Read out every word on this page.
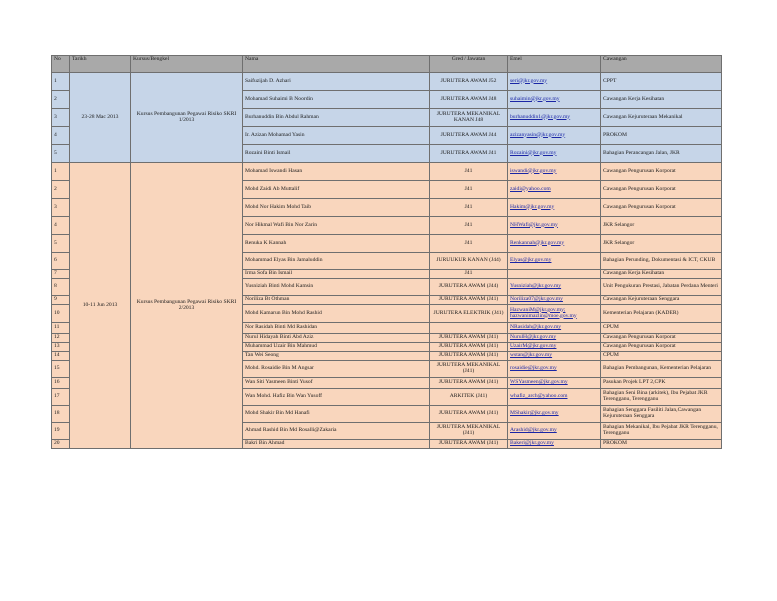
No	Tarikh	Kursus/Bengkel	Nama	Gred / Jawatan	Emel	Cawangan
1	23-28 Mac 2013	Kursus Pembangunan Pegawai Risiko SKRI 1/2013	Saifuzijah D. Azhari	JURUTERA AWAM J52	seri@jkr.gov.my	CPPT
2			Mohamad Suhaimi B Noordin	JURUTERA AWAM J48	suhaimin@jkr.gov.my	Cawangan Kerja Kesihatan
3			Burhanuddin Bin Abdul Rahman	JURUTERA MEKANIKAL KANAN J48	burhanuddin1@jkr.gov.my	Cawangan Kejuruteraan Mekanikal
4			Ir. Azizan Mohamad Yasin	JURUTERA AWAM J44	azizanyasin@jkr.gov.my	PROKOM
5			Rozaini Binti Ismail	JURUTERA AWAM J41	Rozaini@jkr.gov.my	Bahagian Perancangan Jalan, JKR
1	10-11 Jun 2013	Kursus Pembangunan Pegawai Risiko SKRI 2/2013	Mohamad Iswandi Hasan	J41	iswandi@jkr.gov.my	Cawangan Pengurusan Korporat
2			Mohd Zaidi Ab Muttalif	J41	zaidi@yahoo.com	Cawangan Pengurusan Korporat
3			Mohd Nor Hakim Mohd Taib	J41	Hakim@jkr.gov.my	Cawangan Pengurusan Korporat
4			Nor Hikmal Wafi Bin Nor Zarin	J41	NHWafi@jkr.gov.my	JKR Selangor
5			Renuka K Kannah	J41	Renkannah@jkr.gov.my	JKR Selangor
6			Mohammad Elyas Bin Jamaluddin	JURUUKUR KANAN (J44)	Elyas@jkr.gov.my	Bahagian Perunding, Dokumentasi & ICT, CKUB
7			Irma Sofa Bin Ismail	J41		Cawangan Kerja Kesihatan
8			Yusniziah Binti Mohd Kamsin	JURUTERA AWAM (J44)	Yusniziah@jkr.gov.my	Unit Pengukuran Prestasi, Jabatan Perdana Menteri
9			Noriliza Bt Othman	JURUTERA AWAM (J41)	Noriliza07@jkr.gov.my	Cawangan Kejuruteraan Senggara
10			Mohd Kamarun Bin Mohd Rashid	JURUTERA ELEKTRIK (J41)	HazwaniM@jkr.gov.my; hazwanimazlin@moe.gov.my	Kementerian Pelajaran (KADER)
11			Nor Rasidah Binti Md Rashidan		NRasidah@jkr.gov.my	CPUM
12			Nurul Hidayah Binti Abd Aziz	JURUTERA AWAM (J41)	NurulH@jkr.gov.my	Cawangan Pengurusan Korporat
13			Muhammad Uzair Bin Mahmud	JURUTERA AWAM (J41)	UzairM@jkr.gov.my	Cawangan Pengurusan Korporat
14			Tan Wei Seong	JURUTERA AWAM (J41)	wstan@jkr.gov.my	CPUM
15			Mohd. Rosaidie Bin M Angsar	JURUTERA MEKANIKAL (J41)	rosaidie@jkr.gov.my	Bahagian Pembangunan, Kementerian Pelajaran
16			Wan Siti Yasmeen Binti Yusof	JURUTERA AWAM (J41)	WSYasmeen@jkr.gov.my	Pasukan Projek LPT 2,CPK
17			Wan Mohd. Hafiz Bin Wan Yusoff	ARKITEK (J41)	whafiz_arch@yahoo.com	Bahagian Seni Bina (arkitek), Ibu Pejabat JKR Terengganu, Terengganu
18			Mohd Shakir Bin Md Hanafi	JURUTERA AWAM (J41)	MShakir@jkr.gov.my	Bahagian Senggara Fasiliti Jalan,Cawangan Kejuruteraan Senggara
19			Ahmad Rashid Bin Md Rosalli@Zakaria	JURUTERA MEKANIKAL (J41)	Arashid@jkr.gov.my	Bahagian Mekanikal, Ibu Pejabat JKR Terengganu, Terengganu
20			Bakri Bin Ahmad	JURUTERA AWAM (J41)	Bakeri@jkr.gov.my	PROKOM
